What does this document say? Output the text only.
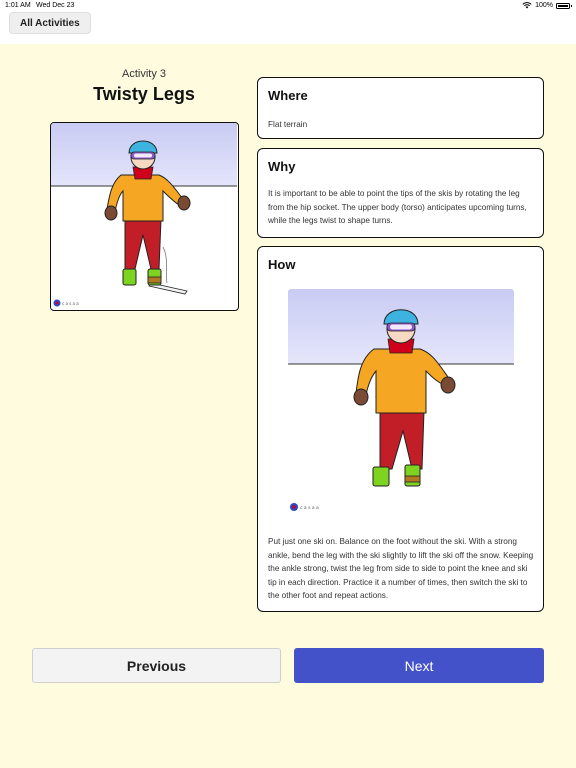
1:01 AM Wed Dec 23	100%
All Activities
Activity 3
Twisty Legs
c a s a a
Where

Flat terrain

Why

It is important to be able to point the tips of the skis by rotating the leg from the hip socket. The upper body (torso) anticipates upcoming turns, while the legs twist to shape turns.

How
c a s a a

Put just one ski on. Balance on the foot without the ski. With a strong ankle, bend the leg with the ski slightly to lift the ski off the snow. Keeping the ankle strong, twist the leg from side to side to point the knee and ski tip in each direction. Practice it a number of times, then switch the ski to the other foot and repeat actions.

Previous	Next
